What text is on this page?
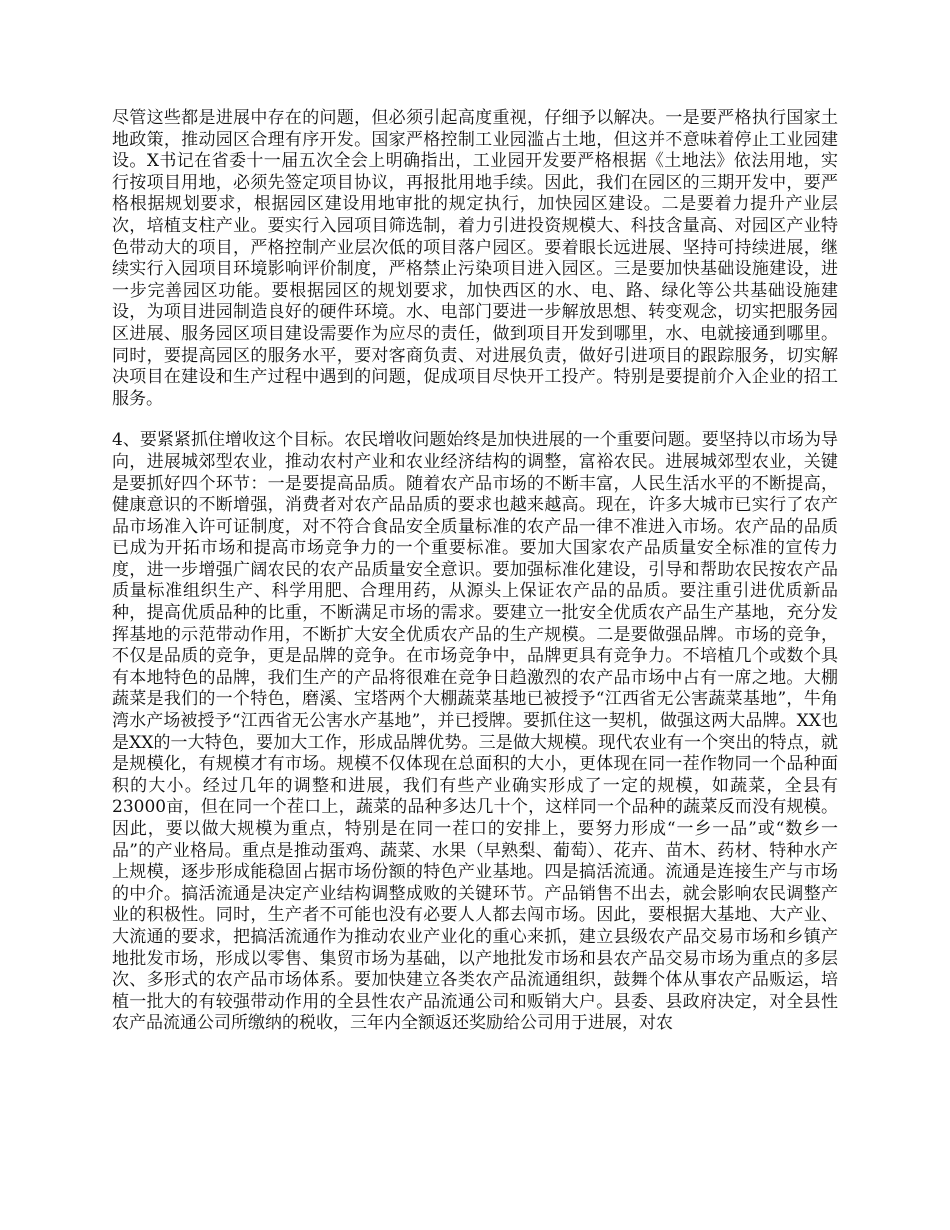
尽管这些都是进展中存在的问题，但必须引起高度重视，仔细予以解决。一是要严格执行国家土地政策，推动园区合理有序开发。国家严格控制工业园滥占土地，但这并不意味着停止工业园建设。X书记在省委十一届五次全会上明确指出，工业园开发要严格根据《土地法》依法用地，实行按项目用地，必须先签定项目协议，再报批用地手续。因此，我们在园区的三期开发中，要严格根据规划要求，根据园区建设用地审批的规定执行，加快园区建设。二是要着力提升产业层次，培植支柱产业。要实行入园项目筛选制，着力引进投资规模大、科技含量高、对园区产业特色带动大的项目，严格控制产业层次低的项目落户园区。要着眼长远进展、坚持可持续进展，继续实行入园项目环境影响评价制度，严格禁止污染项目进入园区。三是要加快基础设施建设，进一步完善园区功能。要根据园区的规划要求，加快西区的水、电、路、绿化等公共基础设施建设，为项目进园制造良好的硬件环境。水、电部门要进一步解放思想、转变观念，切实把服务园区进展、服务园区项目建设需要作为应尽的责任，做到项目开发到哪里，水、电就接通到哪里。同时，要提高园区的服务水平，要对客商负责、对进展负责，做好引进项目的跟踪服务，切实解决项目在建设和生产过程中遇到的问题，促成项目尽快开工投产。特别是要提前介入企业的招工服务。

4、要紧紧抓住增收这个目标。农民增收问题始终是加快进展的一个重要问题。要坚持以市场为导向，进展城郊型农业，推动农村产业和农业经济结构的调整，富裕农民。进展城郊型农业，关键是要抓好四个环节：一是要提高品质。随着农产品市场的不断丰富，人民生活水平的不断提高，健康意识的不断增强，消费者对农产品品质的要求也越来越高。现在，许多大城市已实行了农产品市场准入许可证制度，对不符合食品安全质量标准的农产品一律不准进入市场。农产品的品质已成为开拓市场和提高市场竞争力的一个重要标准。要加大国家农产品质量安全标准的宣传力度，进一步增强广阔农民的农产品质量安全意识。要加强标准化建设，引导和帮助农民按农产品质量标准组织生产、科学用肥、合理用药，从源头上保证农产品的品质。要注重引进优质新品种，提高优质品种的比重，不断满足市场的需求。要建立一批安全优质农产品生产基地，充分发挥基地的示范带动作用，不断扩大安全优质农产品的生产规模。二是要做强品牌。市场的竞争，不仅是品质的竞争，更是品牌的竞争。在市场竞争中，品牌更具有竞争力。不培植几个或数个具有本地特色的品牌，我们生产的产品将很难在竞争日趋激烈的农产品市场中占有一席之地。大棚蔬菜是我们的一个特色，磨溪、宝塔两个大棚蔬菜基地已被授予“江西省无公害蔬菜基地”，牛角湾水产场被授予“江西省无公害水产基地”，并已授牌。要抓住这一契机，做强这两大品牌。XX也是XX的一大特色，要加大工作，形成品牌优势。三是做大规模。现代农业有一个突出的特点，就是规模化，有规模才有市场。规模不仅体现在总面积的大小，更体现在同一茬作物同一个品种面积的大小。经过几年的调整和进展，我们有些产业确实形成了一定的规模，如蔬菜，全县有23000亩，但在同一个茬口上，蔬菜的品种多达几十个，这样同一个品种的蔬菜反而没有规模。因此，要以做大规模为重点，特别是在同一茬口的安排上，要努力形成“一乡一品”或“数乡一品”的产业格局。重点是推动蛋鸡、蔬菜、水果（早熟梨、葡萄）、花卉、苗木、药材、特种水产上规模，逐步形成能稳固占据市场份额的特色产业基地。四是搞活流通。流通是连接生产与市场的中介。搞活流通是决定产业结构调整成败的关键环节。产品销售不出去，就会影响农民调整产业的积极性。同时，生产者不可能也没有必要人人都去闯市场。因此，要根据大基地、大产业、大流通的要求，把搞活流通作为推动农业产业化的重心来抓，建立县级农产品交易市场和乡镇产地批发市场，形成以零售、集贸市场为基础，以产地批发市场和县农产品交易市场为重点的多层次、多形式的农产品市场体系。要加快建立各类农产品流通组织，鼓舞个体从事农产品贩运，培植一批大的有较强带动作用的全县性农产品流通公司和贩销大户。县委、县政府决定，对全县性农产品流通公司所缴纳的税收，三年内全额返还奖励给公司用于进展，对农
